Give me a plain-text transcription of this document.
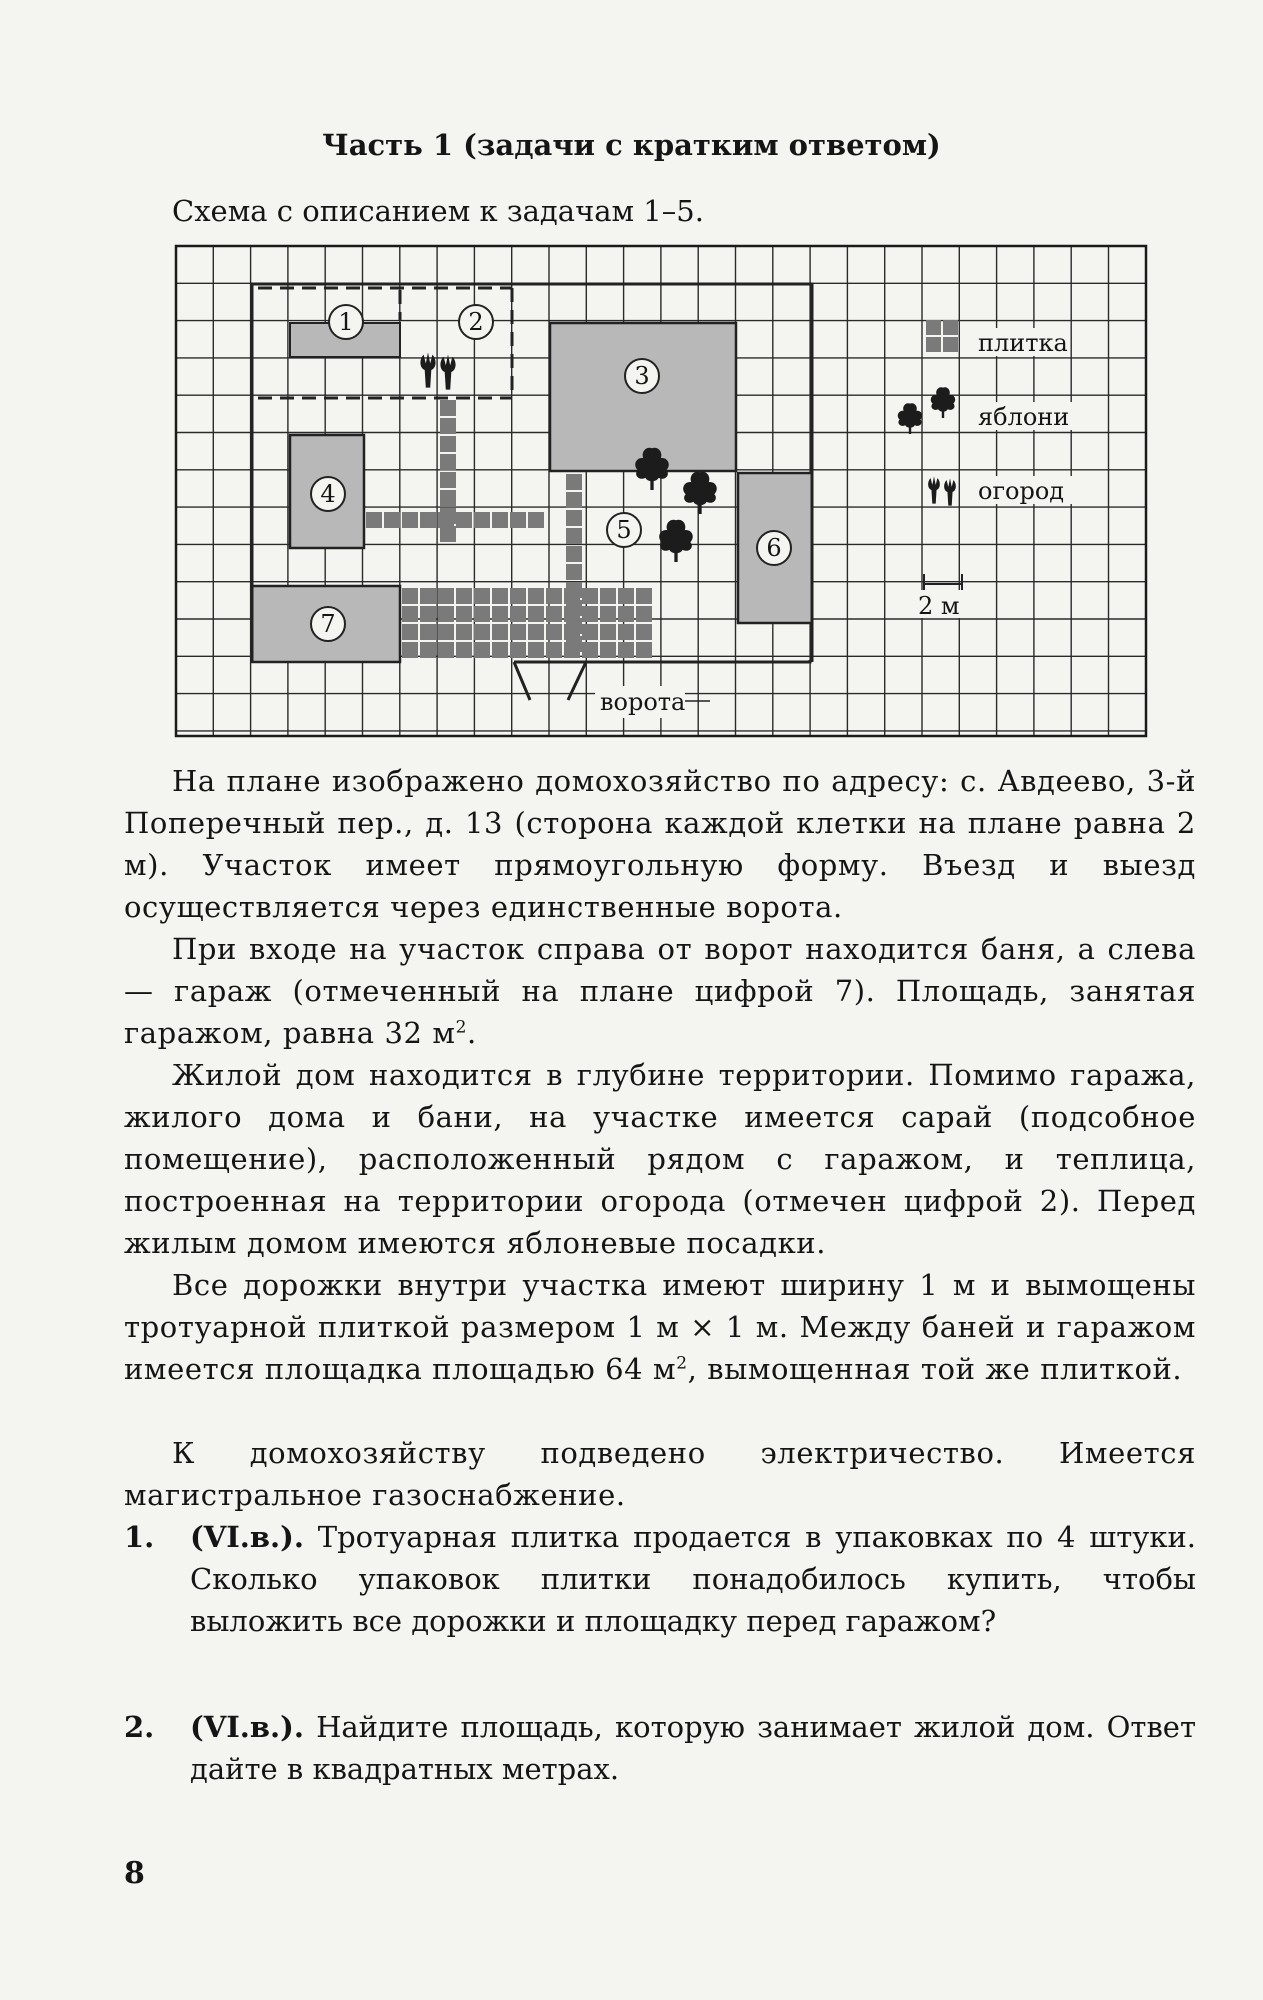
Часть 1 (задачи с кратким ответом)
Схема с описанием к задачам 1–5.
ворота
1	2
3
4
5
6
7
плитка
яблони
огород
2 м

На плане изображено домохозяйство по адресу: с. Авдеево, 3-й Поперечный пер., д. 13 (сторона каждой клетки на плане равна 2 м). Участок имеет прямоугольную форму. Въезд и выезд осуществляется через единственные ворота.

При входе на участок справа от ворот находится баня, а слева — гараж (отмеченный на плане цифрой 7). Площадь, занятая гаражом, равна 32 $м^2$.

Жилой дом находится в глубине территории. Помимо гаража, жилого дома и бани, на участке имеется сарай (подсобное помещение), расположенный рядом с гаражом, и теплица, построенная на территории огорода (отмечен цифрой 2). Перед жилым домом имеются яблоневые посадки.

Все дорожки внутри участка имеют ширину 1 м и вымощены тротуарной плиткой размером 1 м × 1 м. Между баней и гаражом имеется площадка площадью 64 $м^2$, вымощенная той же плиткой.

К домохозяйству подведено электричество. Имеется магистральное газоснабжение.

1. (VI.в.). Тротуарная плитка продается в упаковках по 4 штуки. Сколько упаковок плитки понадобилось купить, чтобы выложить все дорожки и площадку перед гаражом?
2. (VI.в.). Найдите площадь, которую занимает жилой дом. Ответ дайте в квадратных метрах.
8
